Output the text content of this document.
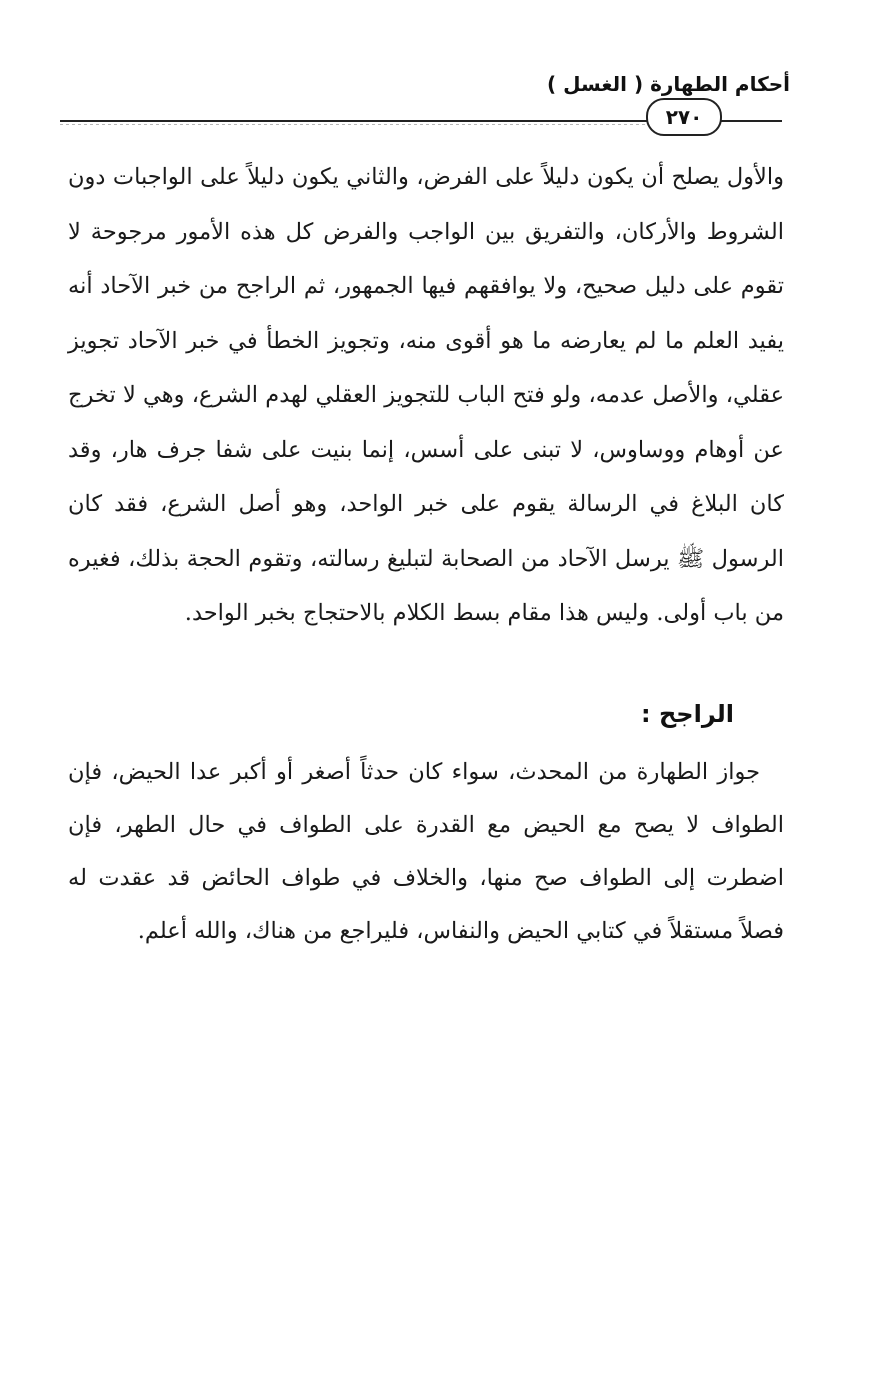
أحكام الطهارة ( الغسل )
٢٧٠

والأول يصلح أن يكون دليلاً على الفرض، والثاني يكون دليلاً على الواجبات دون الشروط والأركان، والتفريق بين الواجب والفرض كل هذه الأمور مرجوحة لا تقوم على دليل صحيح، ولا يوافقهم فيها الجمهور، ثم الراجح من خبر الآحاد أنه يفيد العلم ما لم يعارضه ما هو أقوى منه، وتجويز الخطأ في خبر الآحاد تجويز عقلي، والأصل عدمه، ولو فتح الباب للتجويز العقلي لهدم الشرع، وهي لا تخرج عن أوهام ووساوس، لا تبنى على أسس، إنما بنيت على شفا جرف هار، وقد كان البلاغ في الرسالة يقوم على خبر الواحد، وهو أصل الشرع، فقد كان الرسول ﷺ يرسل الآحاد من الصحابة لتبليغ رسالته، وتقوم الحجة بذلك، فغيره من باب أولى. وليس هذا مقام بسط الكلام بالاحتجاج بخبر الواحد.

الراجح :

جواز الطهارة من المحدث، سواء كان حدثاً أصغر أو أكبر عدا الحيض، فإن الطواف لا يصح مع الحيض مع القدرة على الطواف في حال الطهر، فإن اضطرت إلى الطواف صح منها، والخلاف في طواف الحائض قد عقدت له فصلاً مستقلاً في كتابي الحيض والنفاس، فليراجع من هناك، والله أعلم.
